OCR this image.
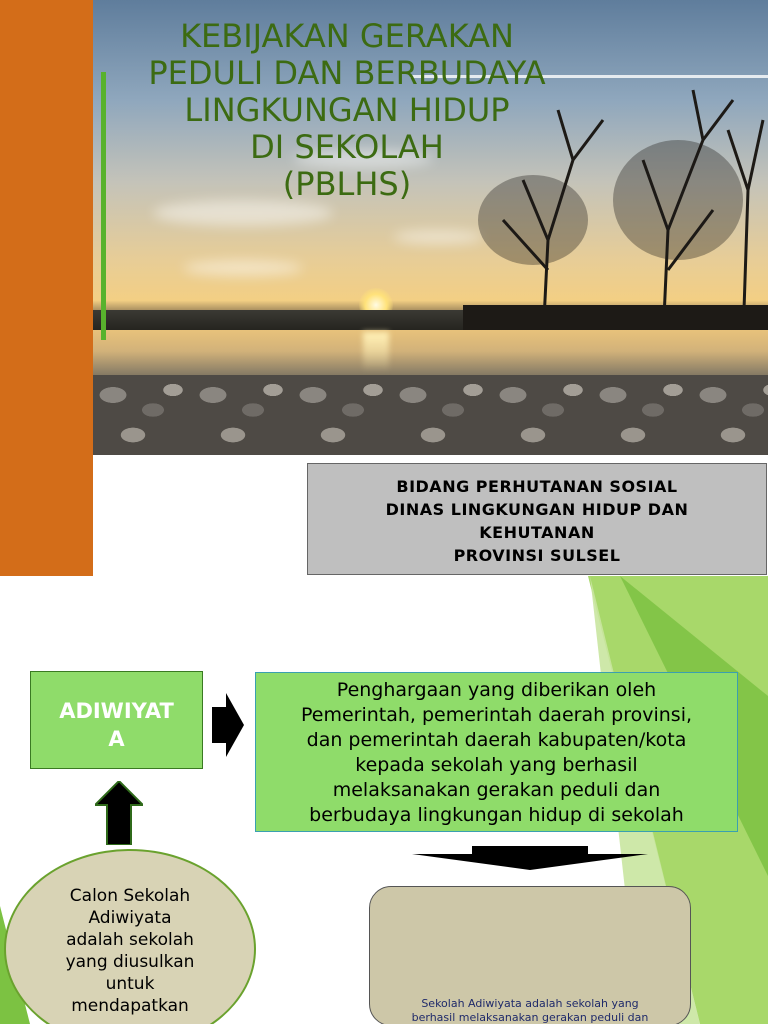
KEBIJAKAN GERAKAN
PEDULI DAN BERBUDAYA
LINGKUNGAN HIDUP
DI SEKOLAH
(PBLHS)
BIDANG PERHUTANAN SOSIAL
DINAS LINGKUNGAN HIDUP DAN
KEHUTANAN
PROVINSI SULSEL
ADIWIYAT
A
Penghargaan yang diberikan oleh
Pemerintah, pemerintah daerah provinsi,
dan pemerintah daerah kabupaten/kota
kepada sekolah yang berhasil
melaksanakan gerakan peduli dan
berbudaya lingkungan hidup di sekolah
Sekolah Adiwiyata adalah sekolah yang
berhasil melaksanakan gerakan peduli dan
Calon Sekolah
Adiwiyata
adalah sekolah
yang diusulkan
untuk
mendapatkan
